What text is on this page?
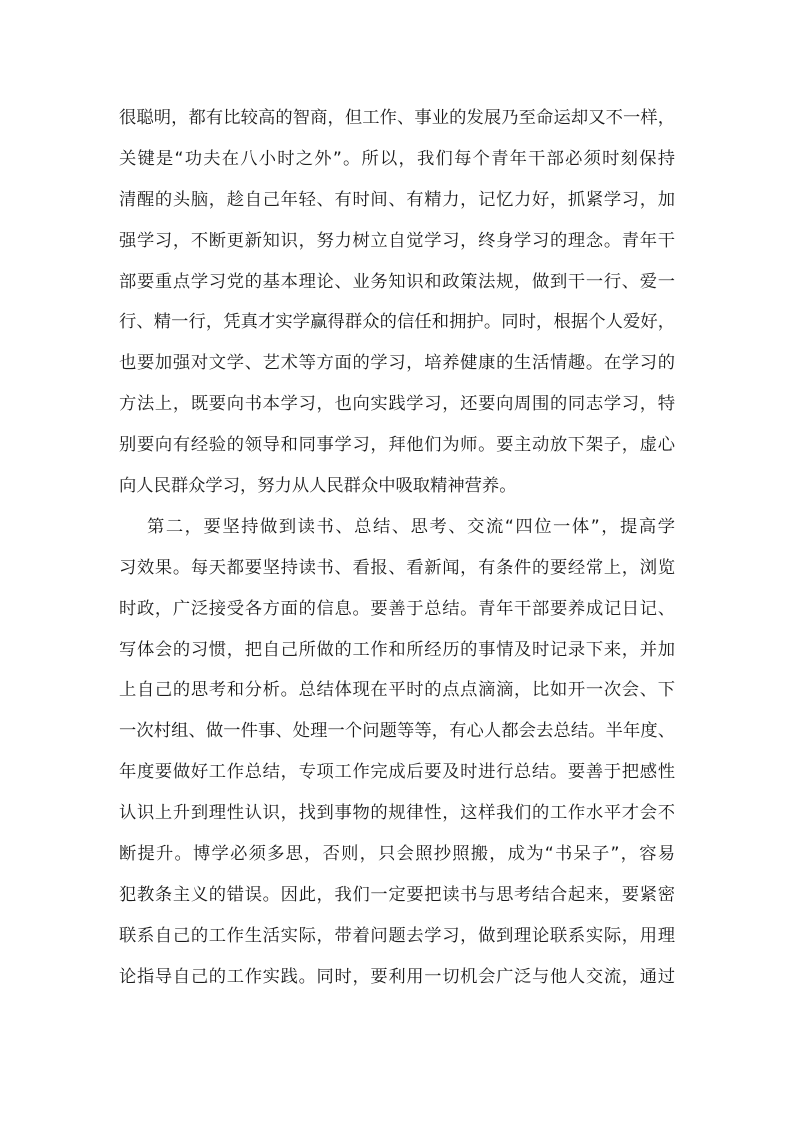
很聪明，都有比较高的智商，但工作、事业的发展乃至命运却又不一样，
关键是“功夫在八小时之外”。所以，我们每个青年干部必须时刻保持
清醒的头脑，趁自己年轻、有时间、有精力，记忆力好，抓紧学习，加
强学习，不断更新知识，努力树立自觉学习，终身学习的理念。青年干
部要重点学习党的基本理论、业务知识和政策法规，做到干一行、爱一
行、精一行，凭真才实学赢得群众的信任和拥护。同时，根据个人爱好，
也要加强对文学、艺术等方面的学习，培养健康的生活情趣。在学习的
方法上，既要向书本学习，也向实践学习，还要向周围的同志学习，特
别要向有经验的领导和同事学习，拜他们为师。要主动放下架子，虚心
向人民群众学习，努力从人民群众中吸取精神营养。
第二，要坚持做到读书、总结、思考、交流“四位一体”，提高学
习效果。每天都要坚持读书、看报、看新闻，有条件的要经常上，浏览
时政，广泛接受各方面的信息。要善于总结。青年干部要养成记日记、
写体会的习惯，把自己所做的工作和所经历的事情及时记录下来，并加
上自己的思考和分析。总结体现在平时的点点滴滴，比如开一次会、下
一次村组、做一件事、处理一个问题等等，有心人都会去总结。半年度、
年度要做好工作总结，专项工作完成后要及时进行总结。要善于把感性
认识上升到理性认识，找到事物的规律性，这样我们的工作水平才会不
断提升。博学必须多思，否则，只会照抄照搬，成为“书呆子”，容易
犯教条主义的错误。因此，我们一定要把读书与思考结合起来，要紧密
联系自己的工作生活实际，带着问题去学习，做到理论联系实际，用理
论指导自己的工作实践。同时，要利用一切机会广泛与他人交流，通过
